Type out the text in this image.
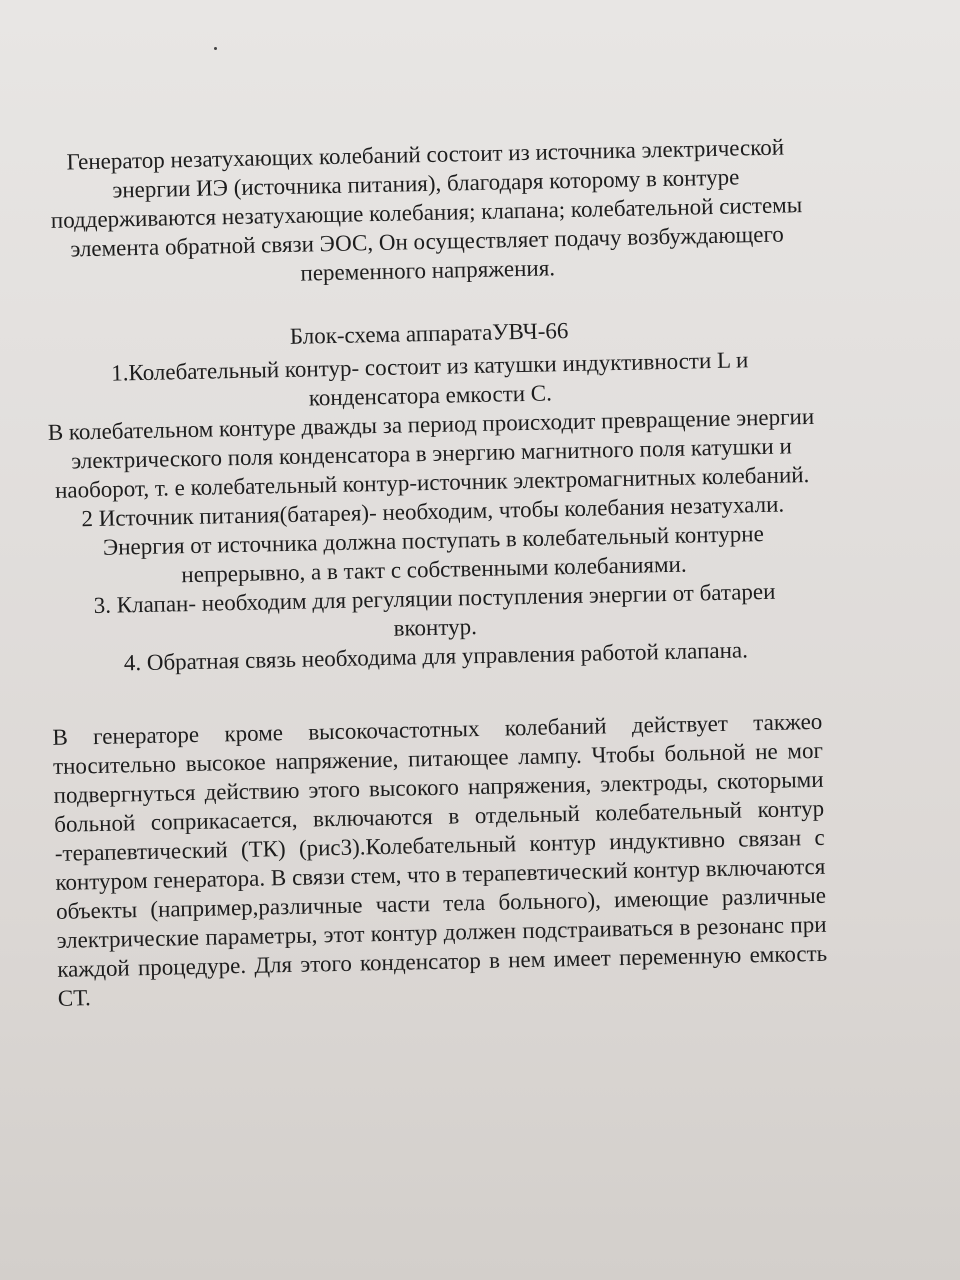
Генератор незатухающих колебаний состоит из источника электрической энергии ИЭ (источника питания), благодаря которому в контуре поддерживаются незатухающие колебания; клапана; колебательной системы элемента обратной связи ЭОС, Он осуществляет подачу возбуждающего переменного напряжения.

Блок-схема аппаратаУВЧ-66

1.Колебательный контур- состоит из катушки индуктивности L и конденсатора емкости С.

В колебательном контуре дважды за период происходит превращение энергии электрического поля конденсатора в энергию магнитного поля катушки и наоборот, т. е колебательный контур-источник электромагнитных колебаний.

2 Источник питания(батарея)- необходим, чтобы колебания незатухали. Энергия от источника должна поступать в колебательный контурне непрерывно, а в такт с собственными колебаниями.

3. Клапан- необходим для регуляции поступления энергии от батареи вконтур.

4. Обратная связь необходима для управления работой клапана.

В генераторе кроме высокочастотных колебаний действует такжео тносительно высокое напряжение, питающее лампу. Чтобы больной не мог подвергнуться действию этого высокого напряжения, электроды, скоторыми больной соприкасается, включаются в отдельный колебательный контур -терапевтический (ТК) (рис3).Колебательный контур индуктивно связан с контуром генератора. В связи стем, что в терапевтический контур включаются объекты (например,различные части тела больного), имеющие различные электрические параметры, этот контур должен подстраиваться в резонанс при каждой процедуре. Для этого конденсатор в нем имеет переменную емкость СТ.
